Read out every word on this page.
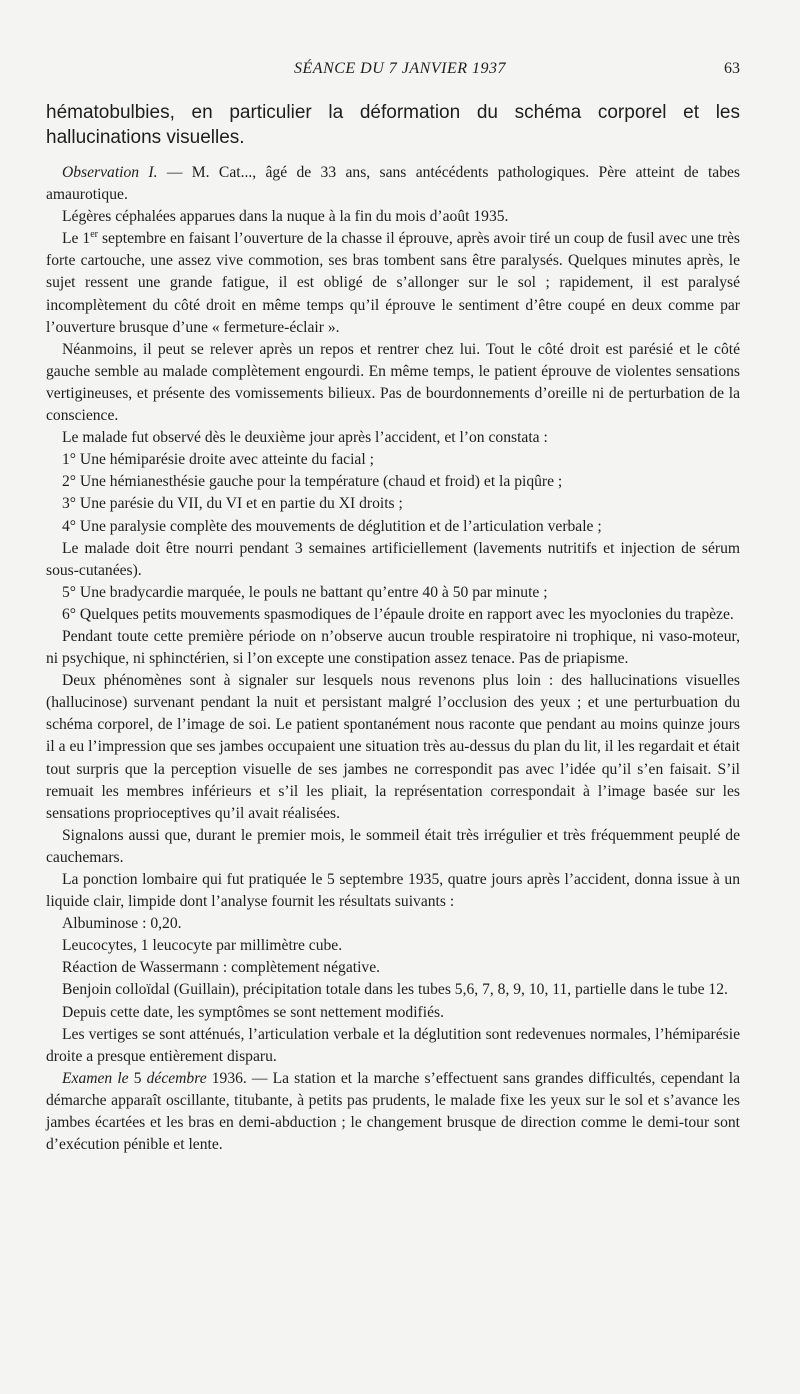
SÉANCE DU 7 JANVIER 1937	63
hématobulbies, en particulier la déformation du schéma corporel et les hallucinations visuelles.

Observation I. — M. Cat..., âgé de 33 ans, sans antécédents pathologiques. Père atteint de tabes amaurotique.

Légères céphalées apparues dans la nuque à la fin du mois d’août 1935.

Le 1er septembre en faisant l’ouverture de la chasse il éprouve, après avoir tiré un coup de fusil avec une très forte cartouche, une assez vive commotion, ses bras tombent sans être paralysés. Quelques minutes après, le sujet ressent une grande fatigue, il est obligé de s’allonger sur le sol ; rapidement, il est paralysé incomplètement du côté droit en même temps qu’il éprouve le sentiment d’être coupé en deux comme par l’ouverture brusque d’une « fermeture-éclair ».

Néanmoins, il peut se relever après un repos et rentrer chez lui. Tout le côté droit est parésié et le côté gauche semble au malade complètement engourdi. En même temps, le patient éprouve de violentes sensations vertigineuses, et présente des vomissements bilieux. Pas de bourdonnements d’oreille ni de perturbation de la conscience.

Le malade fut observé dès le deuxième jour après l’accident, et l’on constata :

1° Une hémiparésie droite avec atteinte du facial ;

2° Une hémianesthésie gauche pour la température (chaud et froid) et la piqûre ;

3° Une parésie du VII, du VI et en partie du XI droits ;

4° Une paralysie complète des mouvements de déglutition et de l’articulation verbale ;

Le malade doit être nourri pendant 3 semaines artificiellement (lavements nutritifs et injection de sérum sous-cutanées).

5° Une bradycardie marquée, le pouls ne battant qu’entre 40 à 50 par minute ;

6° Quelques petits mouvements spasmodiques de l’épaule droite en rapport avec les myoclonies du trapèze.

Pendant toute cette première période on n’observe aucun trouble respiratoire ni trophique, ni vaso-moteur, ni psychique, ni sphinctérien, si l’on excepte une constipation assez tenace. Pas de priapisme.

Deux phénomènes sont à signaler sur lesquels nous revenons plus loin : des hallucinations visuelles (hallucinose) survenant pendant la nuit et persistant malgré l’occlusion des yeux ; et une perturbuation du schéma corporel, de l’image de soi. Le patient spontanément nous raconte que pendant au moins quinze jours il a eu l’impression que ses jambes occupaient une situation très au-dessus du plan du lit, il les regardait et était tout surpris que la perception visuelle de ses jambes ne correspondit pas avec l’idée qu’il s’en faisait. S’il remuait les membres inférieurs et s’il les pliait, la représentation correspondait à l’image basée sur les sensations proprioceptives qu’il avait réalisées.

Signalons aussi que, durant le premier mois, le sommeil était très irrégulier et très fréquemment peuplé de cauchemars.

La ponction lombaire qui fut pratiquée le 5 septembre 1935, quatre jours après l’accident, donna issue à un liquide clair, limpide dont l’analyse fournit les résultats suivants :

Albuminose : 0,20.

Leucocytes, 1 leucocyte par millimètre cube.

Réaction de Wassermann : complètement négative.

Benjoin colloïdal (Guillain), précipitation totale dans les tubes 5,6, 7, 8, 9, 10, 11, partielle dans le tube 12.

Depuis cette date, les symptômes se sont nettement modifiés.

Les vertiges se sont atténués, l’articulation verbale et la déglutition sont redevenues normales, l’hémiparésie droite a presque entièrement disparu.

Examen le 5 décembre 1936. — La station et la marche s’effectuent sans grandes difficultés, cependant la démarche apparaît oscillante, titubante, à petits pas prudents, le malade fixe les yeux sur le sol et s’avance les jambes écartées et les bras en demi-abduction ; le changement brusque de direction comme le demi-tour sont d’exécution pénible et lente.
